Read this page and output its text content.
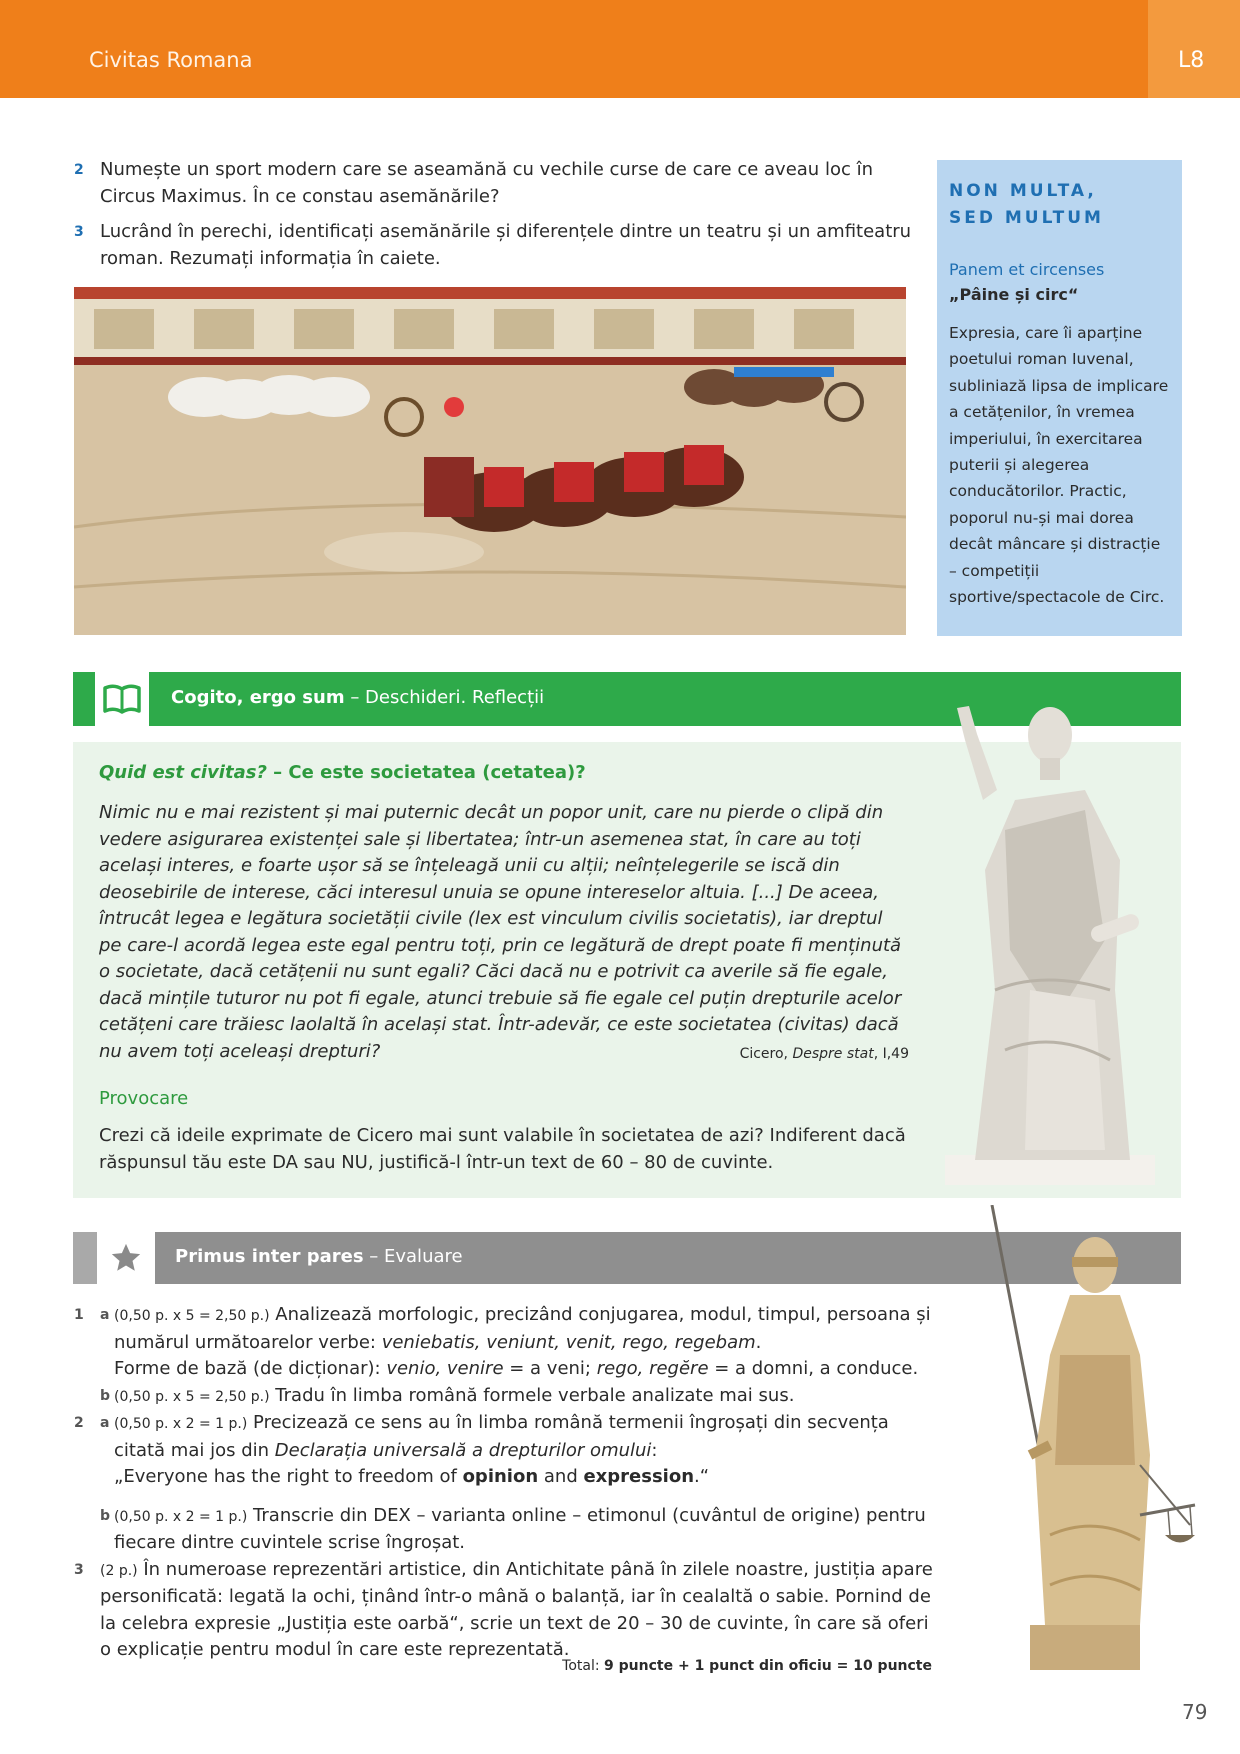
Civitas Romana	L8
2 Numește un sport modern care se aseamănă cu vechile curse de care ce aveau loc în Circus Maximus. În ce constau asemănările?
3 Lucrând în perechi, identificați asemănările și diferențele dintre un teatru și un amfiteatru roman. Rezumați informația în caiete.
NON MULTA,
SED MULTUM
Panem et circenses
„Pâine și circ“
Expresia, care îi aparține poetului roman Iuvenal, subliniază lipsa de implicare a cetățenilor, în vremea imperiului, în exercitarea puterii și alegerea conducătorilor. Practic, poporul nu-și mai dorea decât mâncare și distracție – competiții sportive/spectacole de Circ.
Cogito, ergo sum – Deschideri. Reflecții
Quid est civitas? – Ce este societatea (cetatea)?
Nimic nu e mai rezistent și mai puternic decât un popor unit, care nu pierde o clipă din vedere asigurarea existenței sale și libertatea; într-un asemenea stat, în care au toți același interes, e foarte ușor să se înțeleagă unii cu alții; neînțelegerile se iscă din deosebirile de interese, căci interesul unuia se opune intereselor altuia. [...] De aceea, întrucât legea e legătura societății civile (lex est vinculum civilis societatis), iar dreptul pe care-l acordă legea este egal pentru toți, prin ce legătură de drept poate fi menținută o societate, dacă cetățenii nu sunt egali? Căci dacă nu e potrivit ca averile să fie egale, dacă mințile tuturor nu pot fi egale, atunci trebuie să fie egale cel puțin drepturile acelor cetățeni care trăiesc laolaltă în același stat. Într-adevăr, ce este societatea (civitas) dacă nu avem toți aceleași drepturi?	Cicero, Despre stat, I,49
Provocare
Crezi că ideile exprimate de Cicero mai sunt valabile în societatea de azi? Indiferent dacă răspunsul tău este DA sau NU, justifică-l într-un text de 60 – 80 de cuvinte.
Primus inter pares – Evaluare
1 a (0,50 p. x 5 = 2,50 p.) Analizează morfologic, precizând conjugarea, modul, timpul, persoana și numărul următoarelor verbe: veniebatis, veniunt, venit, rego, regebam.
Forme de bază (de dicționar): venio, venire = a veni; rego, regĕre = a domni, a conduce.
b (0,50 p. x 5 = 2,50 p.) Tradu în limba română formele verbale analizate mai sus.
2 a (0,50 p. x 2 = 1 p.) Precizează ce sens au în limba română termenii îngroșați din secvența citată mai jos din Declarația universală a drepturilor omului:
„Everyone has the right to freedom of opinion and expression.“
b (0,50 p. x 2 = 1 p.) Transcrie din DEX – varianta online – etimonul (cuvântul de origine) pentru fiecare dintre cuvintele scrise îngroșat.
3 (2 p.) În numeroase reprezentări artistice, din Antichitate până în zilele noastre, justiția apare personificată: legată la ochi, ținând într-o mână o balanță, iar în cealaltă o sabie. Pornind de la celebra expresie „Justiția este oarbă“, scrie un text de 20 – 30 de cuvinte, în care să oferi o explicație pentru modul în care este reprezentată.
Total: 9 puncte + 1 punct din oficiu = 10 puncte
79
